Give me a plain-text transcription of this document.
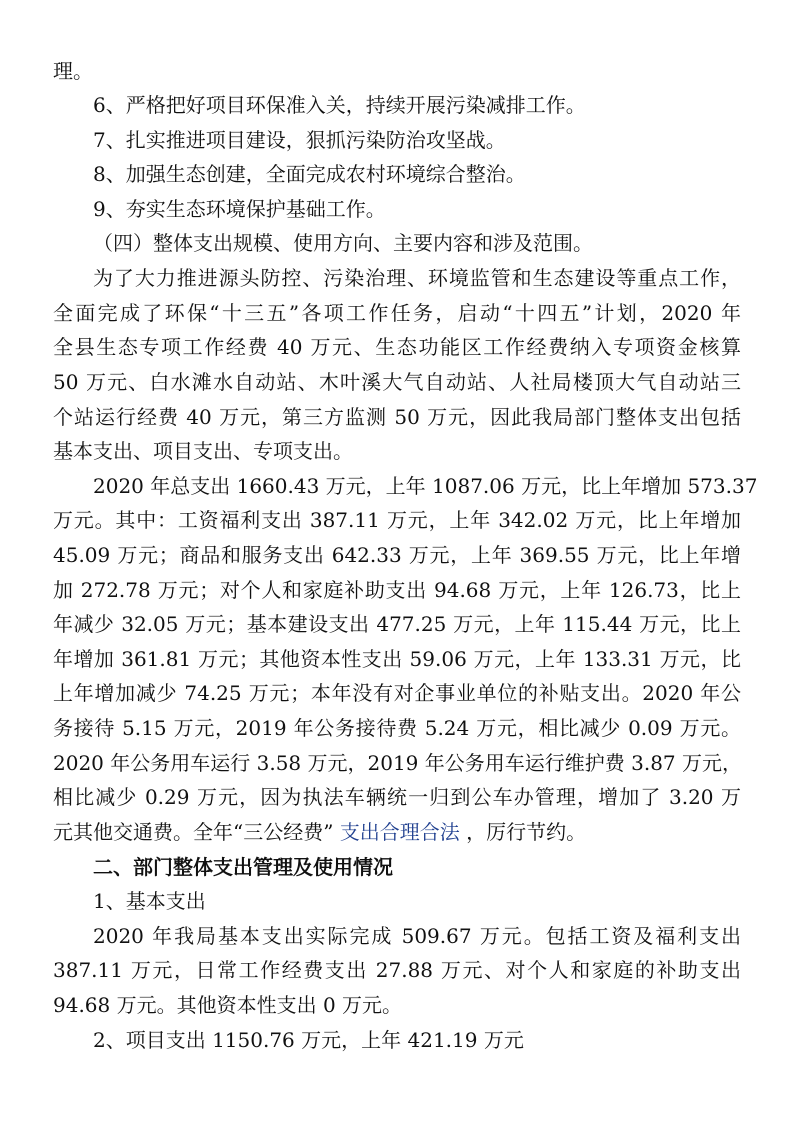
理。
6、严格把好项目环保准入关，持续开展污染减排工作。
7、扎实推进项目建设，狠抓污染防治攻坚战。
8、加强生态创建，全面完成农村环境综合整治。
9、夯实生态环境保护基础工作。
（四）整体支出规模、使用方向、主要内容和涉及范围。
为了大力推进源头防控、污染治理、环境监管和生态建设等重点工作，
全面完成了环保“十三五”各项工作任务，启动“十四五”计划，2020 年
全县生态专项工作经费 40 万元、生态功能区工作经费纳入专项资金核算
50 万元、白水滩水自动站、木叶溪大气自动站、人社局楼顶大气自动站三
个站运行经费 40 万元，第三方监测 50 万元，因此我局部门整体支出包括
基本支出、项目支出、专项支出。
2020 年总支出 1660.43 万元，上年 1087.06 万元，比上年增加 573.37
万元。其中：工资福利支出 387.11 万元，上年 342.02 万元，比上年增加
45.09 万元；商品和服务支出 642.33 万元，上年 369.55 万元，比上年增
加 272.78 万元；对个人和家庭补助支出 94.68 万元，上年 126.73，比上
年减少 32.05 万元；基本建设支出 477.25 万元，上年 115.44 万元，比上
年增加 361.81 万元；其他资本性支出 59.06 万元，上年 133.31 万元，比
上年增加减少 74.25 万元；本年没有对企事业单位的补贴支出。2020 年公
务接待 5.15 万元，2019 年公务接待费 5.24 万元，相比减少 0.09 万元。
2020 年公务用车运行 3.58 万元，2019 年公务用车运行维护费 3.87 万元，
相比减少 0.29 万元，因为执法车辆统一归到公车办管理，增加了 3.20 万
元其他交通费。全年“三公经费” 支出合理合法 ，厉行节约。
二、部门整体支出管理及使用情况
1、基本支出
2020 年我局基本支出实际完成 509.67 万元。包括工资及福利支出
387.11 万元，日常工作经费支出 27.88 万元、对个人和家庭的补助支出
94.68 万元。其他资本性支出 0 万元。
2、项目支出 1150.76 万元，上年 421.19 万元
